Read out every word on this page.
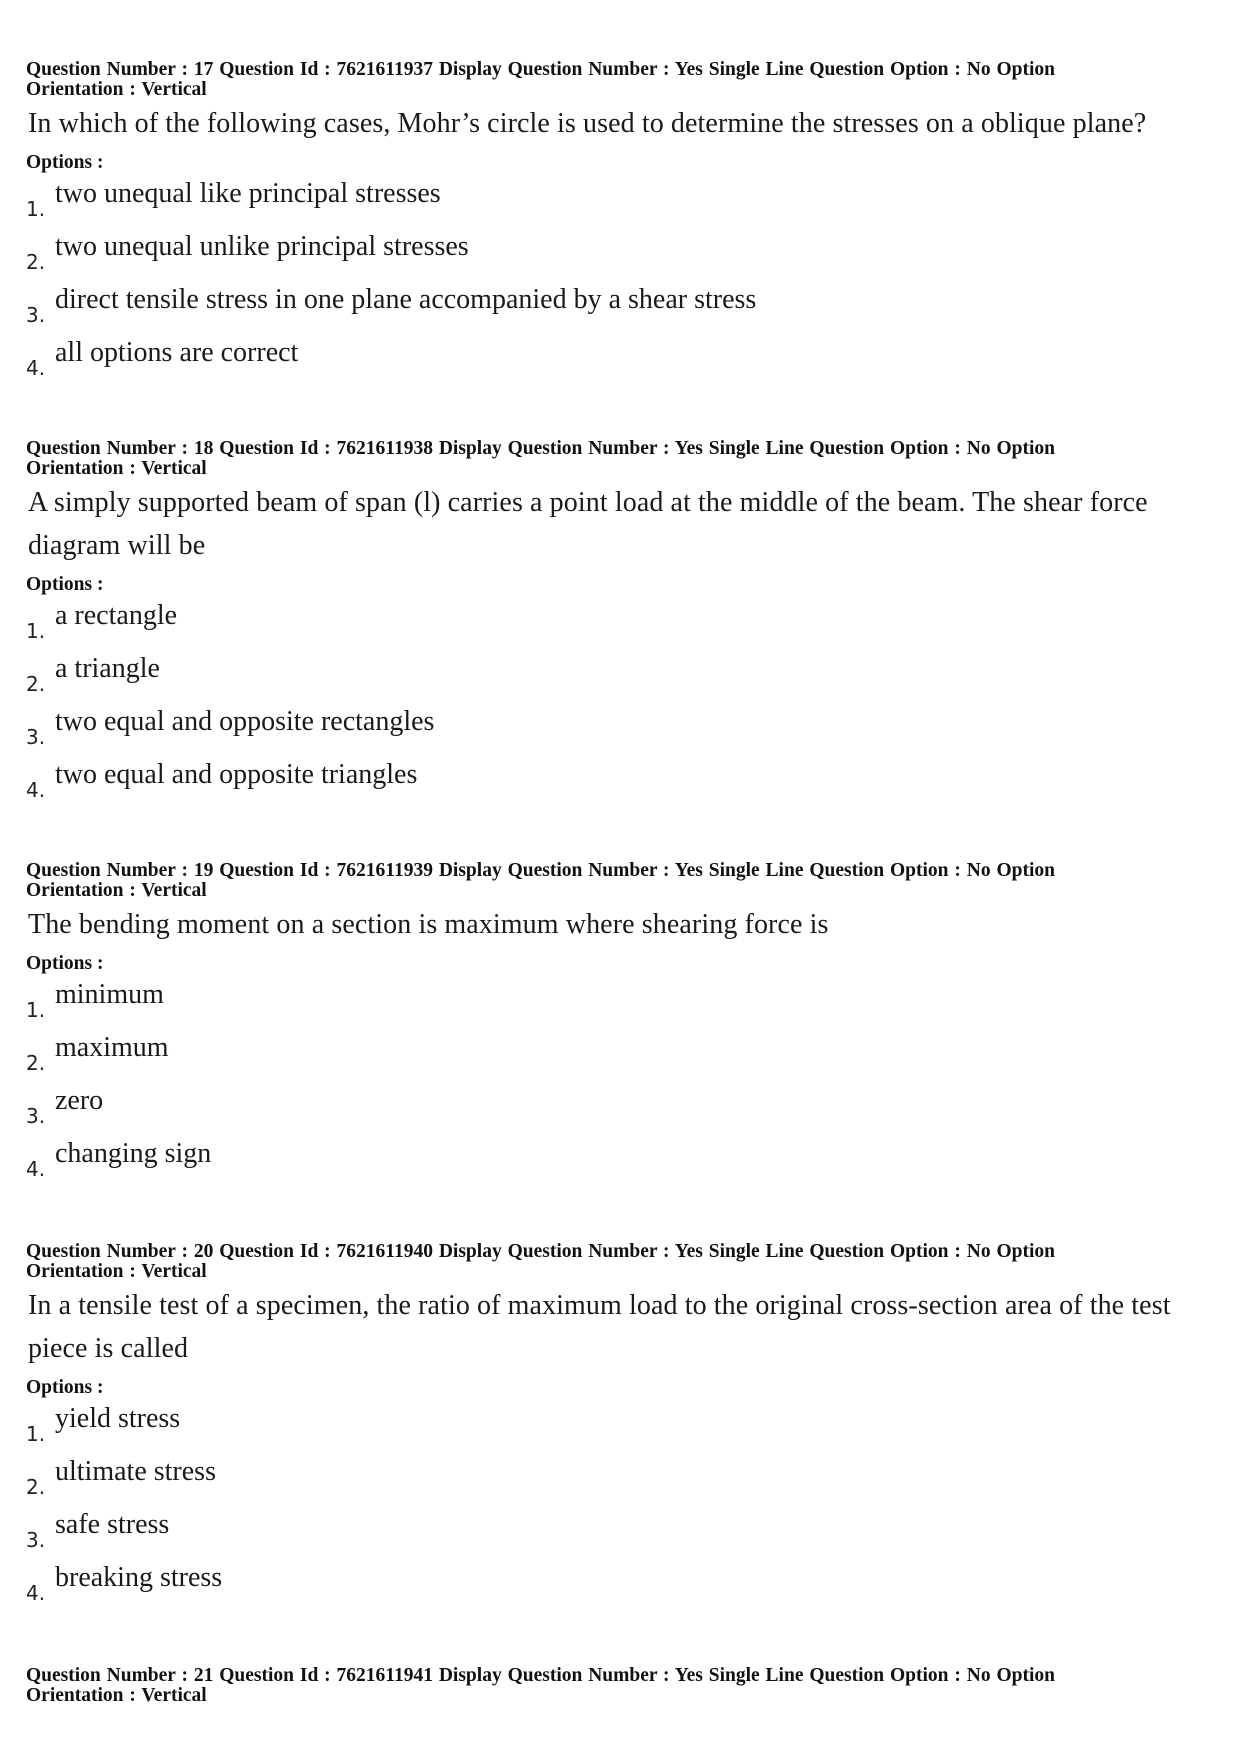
Question Number : 17 Question Id : 7621611937 Display Question Number : Yes Single Line Question Option : No Option
Orientation : Vertical
In which of the following cases, Mohr’s circle is used to determine the stresses on a oblique plane?
Options :
1. two unequal like principal stresses
2. two unequal unlike principal stresses
3. direct tensile stress in one plane accompanied by a shear stress
4. all options are correct
Question Number : 18 Question Id : 7621611938 Display Question Number : Yes Single Line Question Option : No Option
Orientation : Vertical
A simply supported beam of span (l) carries a point load at the middle of the beam. The shear force diagram will be
Options :
1. a rectangle
2. a triangle
3. two equal and opposite rectangles
4. two equal and opposite triangles
Question Number : 19 Question Id : 7621611939 Display Question Number : Yes Single Line Question Option : No Option
Orientation : Vertical
The bending moment on a section is maximum where shearing force is
Options :
1. minimum
2. maximum
3. zero
4. changing sign
Question Number : 20 Question Id : 7621611940 Display Question Number : Yes Single Line Question Option : No Option
Orientation : Vertical
In a tensile test of a specimen, the ratio of maximum load to the original cross-section area of the test piece is called
Options :
1. yield stress
2. ultimate stress
3. safe stress
4. breaking stress
Question Number : 21 Question Id : 7621611941 Display Question Number : Yes Single Line Question Option : No Option
Orientation : Vertical
